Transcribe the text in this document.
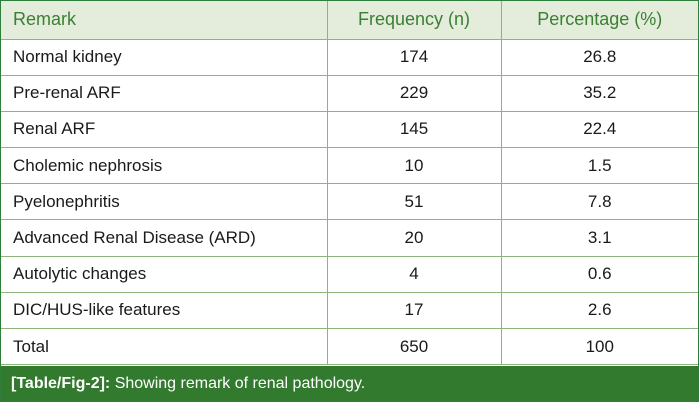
Remark	Frequency (n)	Percentage (%)
Normal kidney	174	26.8
Pre-renal ARF	229	35.2
Renal ARF	145	22.4
Cholemic nephrosis	10	1.5
Pyelonephritis	51	7.8
Advanced Renal Disease (ARD)	20	3.1
Autolytic changes	4	0.6
DIC/HUS-like features	17	2.6
Total	650	100
[Table/Fig-2]: Showing remark of renal pathology.
